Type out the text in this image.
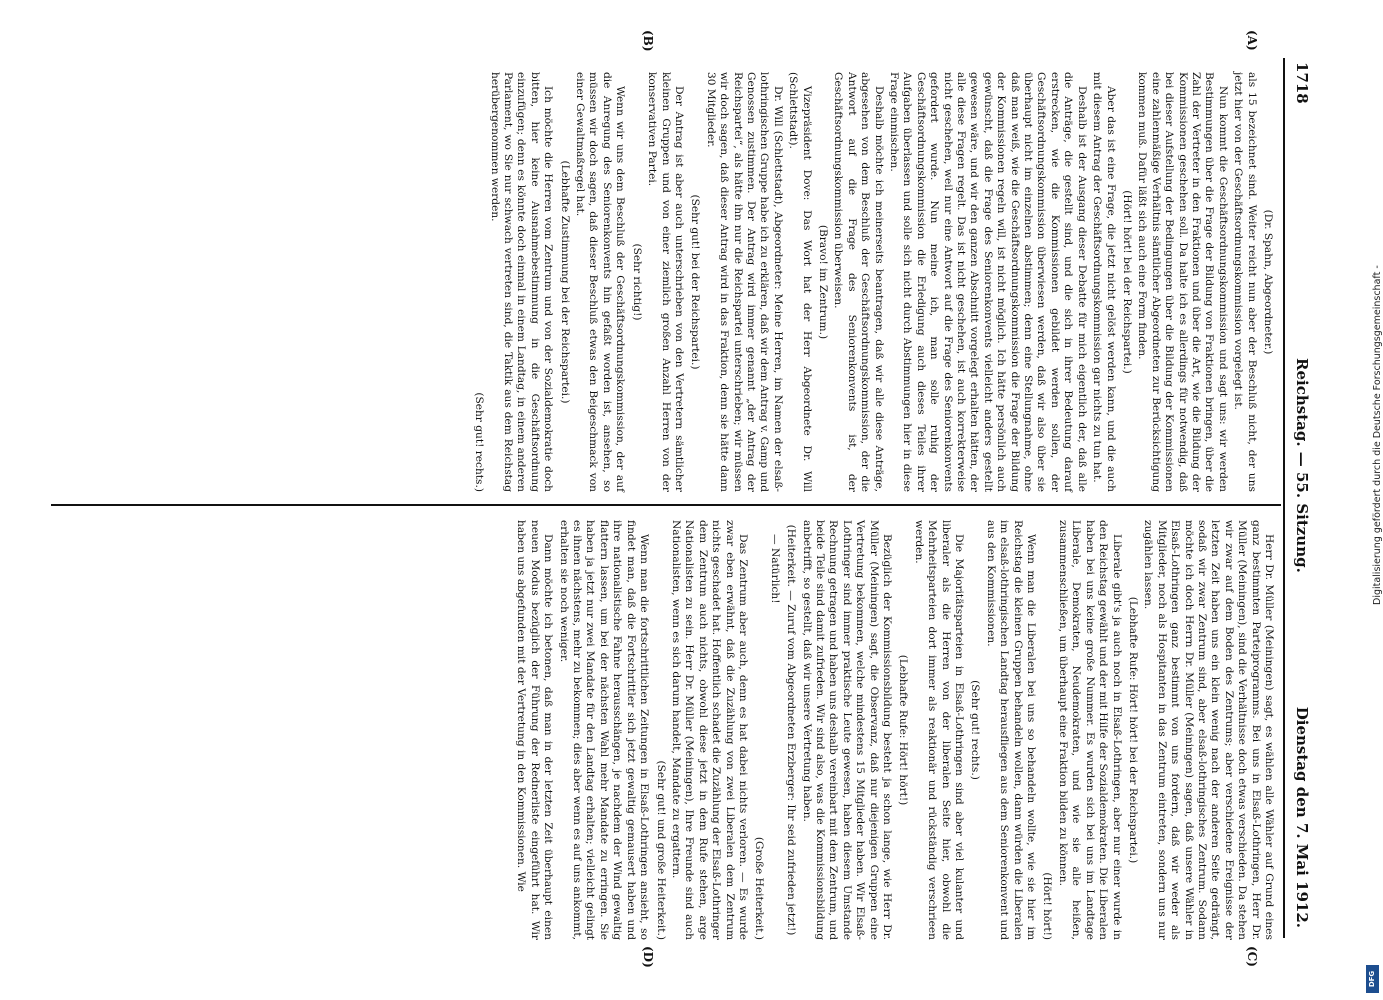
1718
Reichstag. — 55. Sitzung.
Dienstag den 7. Mai 1912.
(A)
(B)
(C)
(D)

(Dr. Spahn, Abgeordneter.)

als 15 bezeichnet sind. Weiter reicht nun aber der Beschluß nicht, der uns jetzt hier von der Geschäftsordnungskommission vorgelegt ist.

Nun kommt die Geschäftsordnungskommission und sagt uns: wir werden Bestimmungen über die Frage der Bildung von Fraktionen bringen, über die Zahl der Vertreter in den Fraktionen und über die Art, wie die Bildung der Kommissionen geschehen soll. Da halte ich es allerdings für notwendig, daß bei dieser Aufstellung der Bedingungen über die Bildung der Kommissionen eine zahlenmäßige Verhältnis sämtlicher Abgeordneten zur Berücksichtigung kommen muß. Dafür läßt sich auch eine Form finden.

(Hört! hört! bei der Reichspartei.)

Aber das ist eine Frage, die jetzt nicht gelöst werden kann, und die auch mit diesem Antrag der Geschäftsordnungskommission gar nichts zu tun hat.

Deshalb ist der Ausgang dieser Debatte für mich eigentlich der, daß alle die Anträge, die gestellt sind, und die sich in ihrer Bedeutung darauf erstrecken, wie die Kommissionen gebildet werden sollen, der Geschäftsordnungskommission überwiesen werden, daß wir also über sie überhaupt nicht im einzelnen abstimmen; denn eine Stellungnahme, ohne daß man weiß, wie die Geschäftsordnungskommission die Frage der Bildung der Kommissionen regeln will, ist nicht möglich. Ich hätte persönlich auch gewünscht, daß die Frage des Seniorenkonvents vielleicht anders gestellt gewesen wäre, und wir den ganzen Abschnitt vorgelegt erhalten hätten, der alle diese Fragen regelt. Das ist nicht geschehen, ist auch korrekterweise nicht geschehen, weil nur eine Antwort auf die Frage des Seniorenkonvents gefordert wurde. Nun meine ich, man solle ruhig der Geschäftsordnungskommission die Erledigung auch dieses Teiles ihrer Aufgaben überlassen und solle sich nicht durch Abstimmungen hier in diese Frage einmischen.

Deshalb möchte ich meinerseits beantragen, daß wir alle diese Anträge, abgesehen von dem Beschluß der Geschäftsordnungskommission, der die Antwort auf die Frage des Seniorenkonvents ist, der Geschäftsordnungskommission überweisen.

(Bravo! im Zentrum.)

Vizepräsident Dove: Das Wort hat der Herr Abgeordnete Dr. Will (Schlettstadt).

Dr. Will (Schlettstadt), Abgeordneter: Meine Herren, im Namen der elsaß-lothringischen Gruppe habe ich zu erklären, daß wir dem Antrag v. Gamp und Genossen zustimmen. Der Antrag wird immer genannt „der Antrag der Reichspartei“, als hätte ihn nur die Reichspartei unterschrieben; wir müssen wir doch sagen, daß dieser Antrag wird in das Fraktion, denn sie hätte dann 30 Mitglieder.

(Sehr gut! bei der Reichspartei.)

Der Antrag ist aber auch unterschrieben von den Vertretern sämtlicher kleinen Gruppen und von einer ziemlich großen Anzahl Herren von der konservativen Partei.

(Sehr richtig!)

Wenn wir uns dem Beschluß der Geschäftsordnungskommission, der auf die Anregung des Seniorenkonvents hin gefaßt worden ist, ansehen, so müssen wir doch sagen, daß dieser Beschluß etwas den Beigeschmack von einer Gewaltmaßregel hat.

(Lebhafte Zustimmung bei der Reichspartei.)

Ich möchte die Herren vom Zentrum und von der Sozialdemokratie doch bitten, hier keine Ausnahmebestimmung in die Geschäftsordnung einzufügen; denn es könnte doch einmal in einem Landtag, in einem anderen Parlament, wo Sie nur schwach vertreten sind, die Taktik aus dem Reichstag herübergenommen werden.

(Sehr gut! rechts.)

Herr Dr. Müller (Meiningen) sagt, es wählen alle Wähler auf Grund eines ganz bestimmten Parteiprogramms. Bei uns in Elsaß-Lothringen, Herr Dr. Müller (Meiningen), sind die Verhältnisse doch etwas verschieden. Da stehen wir zwar auf dem Boden des Zentrums; aber verschiedene Ereignisse der letzten Zeit haben uns ein klein wenig nach der anderen Seite gedrängt, sodaß wir zwar Zentrum sind, aber elsaß-lothringisches Zentrum. Sodann möchte ich doch Herrn Dr. Müller (Meiningen) sagen, daß unsere Wähler in Elsaß-Lothringen ganz bestimmt von uns fordern, daß wir weder als Mitglieder, noch als Hospitanten in das Zentrum eintreten, sondern uns nur zugählen lassen.

(Lebhafte Rufe: Hört! hört! bei der Reichspartei.)

Liberale gibt's ja auch noch in Elsaß-Lothringen, aber nur einer wurde in den Reichstag gewählt und der mit Hilfe der Sozialdemokraten. Die Liberalen haben bei uns keine große Nummer. Es wurden sich bei uns im Landtage Liberale, Demokraten, Neudemokraten, und wie sie alle heißen, zusammenschließen, um überhaupt eine Fraktion bilden zu können.

(Hört! hört!)

Wenn man die Liberalen bei uns so behandeln wollte, wie sie hier im Reichstag die kleinen Gruppen behandeln wollen, dann würden die Liberalen im elsaß-lothringischen Landtag herausfliegen aus dem Seniorenkonvent und aus den Kommissionen.

(Sehr gut! rechts.)

Die Majoritätsparteien in Elsaß-Lothringen sind aber viel kulanter und liberaler als die Herren von der liberalen Seite hier, obwohl die Mehrheitsparteien dort immer als reaktionär und rückständig verschrieen werden.

(Lebhafte Rufe: Hört! hört!)

Bezüglich der Kommissionsbildung besteht ja schon lange, wie Herr Dr. Müller (Meiningen) sagt, die Observanz, daß nur diejenigen Gruppen eine Vertretung bekommen, welche mindestens 15 Mitglieder haben. Wir Elsaß-Lothringer sind immer praktische Leute gewesen, haben diesem Umstande Rechnung getragen und haben uns deshalb vereinbart mit dem Zentrum, und beide Teile sind damit zufrieden. Wir sind also, was die Kommissionsbildung anbetrifft, so gestellt, daß wir unsere Vertretung haben.

(Heiterkeit. — Zuruf vom Abgeordneten Erzberger: Ihr seid zufrieden jetzt!)

— Natürlich!

(Große Heiterkeit.)

Das Zentrum aber auch, denn es hat dabei nichts verloren. — Es wurde zwar eben erwähnt, daß die Zuzählung von zwei Liberalen dem Zentrum nichts geschadet hat. Hoffentlich schadet die Zuzählung der Elsaß-Lothringer dem Zentrum auch nichts, obwohl diese jetzt in dem Rufe stehen, arge Nationalisten zu sein. Herr Dr. Müller (Meiningen), Ihre Freunde sind auch Nationalisten, wenn es sich darum handelt, Mandate zu ergattern.

(Sehr gut! und große Heiterkeit.)

Wenn man die fortschrittlichen Zeitungen in Elsaß-Lothringen ansieht, so findet man, daß die Fortschrittler sich jetzt gewaltig gemausert haben und ihre nationalistische Fahne herausschängen, je nachdem der Wind gewaltig flattern lassen, um bei der nächsten Wahl mehr Mandate zu erringen. Sie haben ja jetzt nur zwei Mandate für den Landtag erhalten; vielleicht gelingt es ihnen nächstens, mehr zu bekommen; dies aber wenn es auf uns ankommt, erhalten sie noch weniger.

Dann möchte ich betonen, daß man in der letzten Zeit überhaupt einen neuen Modus bezüglich der Führung der Rednerliste eingeführt hat. Wir haben uns abgefunden mit der Vertretung in den Kommissionen. Wie

Digitalisierung gefördert durch die Deutsche Forschungsgemeinschaft -
DFG
